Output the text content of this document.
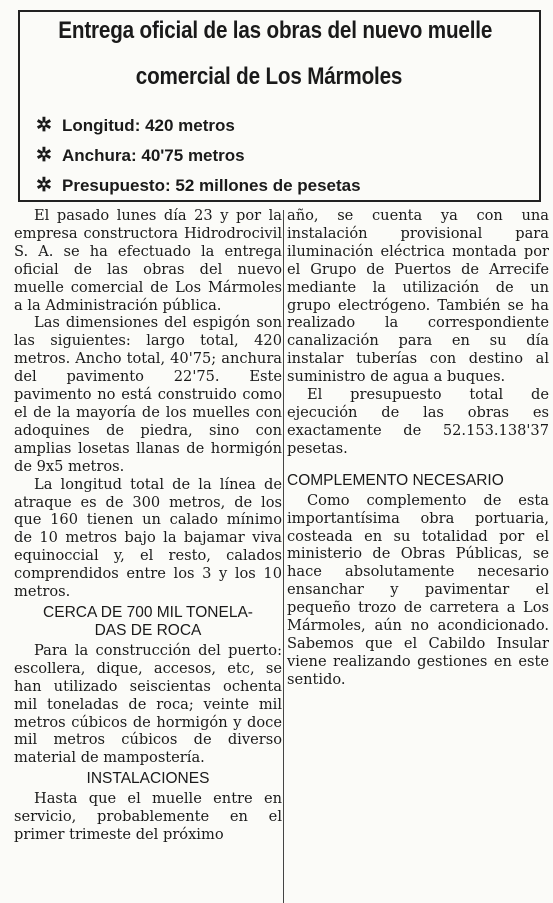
Entrega oficial de las obras del nuevo muelle
comercial de Los Mármoles
✲ Longitud: 420 metros
✲ Anchura: 40'75 metros
✲ Presupuesto: 52 millones de pesetas

El pasado lunes día 23 y por la empresa constructora Hidrodrocivil S. A. se ha efectuado la entrega oficial de las obras del nuevo muelle comercial de Los Mármoles a la Administración pública.

Las dimensiones del espigón son las siguientes: largo total, 420 metros. Ancho total, 40'75; anchura del pavimento 22'75. Este pavimento no está construido como el de la mayoría de los muelles con adoquines de piedra, sino con amplias losetas llanas de hormigón de 9x5 metros.

La longitud total de la línea de atraque es de 300 metros, de los que 160 tienen un calado mínimo de 10 metros bajo la bajamar viva equinoccial y, el resto, calados comprendidos entre los 3 y los 10 metros.

CERCA DE 700 MIL TONELA-
DAS DE ROCA

Para la construcción del puerto: escollera, dique, accesos, etc, se han utilizado seiscientas ochenta mil toneladas de roca; veinte mil metros cúbicos de hormigón y doce mil metros cúbicos de diverso material de mampostería.

INSTALACIONES

Hasta que el muelle entre en servicio, probablemente en el primer trimeste del próximo

año, se cuenta ya con una instalación provisional para iluminación eléctrica montada por el Grupo de Puertos de Arrecife mediante la utilización de un grupo electrógeno. También se ha realizado la correspondiente canalización para en su día instalar tuberías con destino al suministro de agua a buques.

El presupuesto total de ejecución de las obras es exactamente de 52.153.138'37 pesetas.

COMPLEMENTO NECESARIO

Como complemento de esta importantísima obra portuaria, costeada en su totalidad por el ministerio de Obras Públicas, se hace absolutamente necesario ensanchar y pavimentar el pequeño trozo de carretera a Los Mármoles, aún no acondicionado. Sabemos que el Cabildo Insular viene realizando gestiones en este sentido.
